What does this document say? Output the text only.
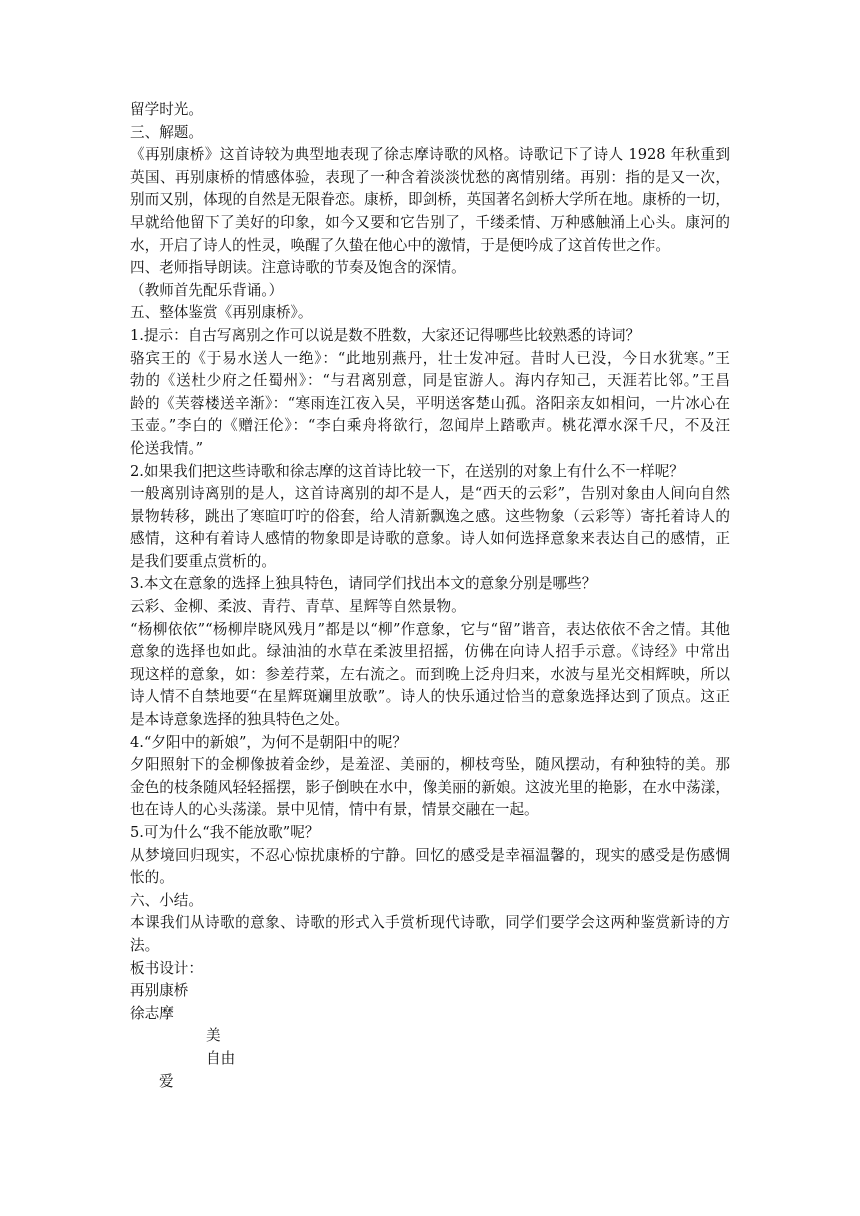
留学时光。
三、解题。
《再别康桥》这首诗较为典型地表现了徐志摩诗歌的风格。诗歌记下了诗人 1928 年秋重到
英国、再别康桥的情感体验，表现了一种含着淡淡忧愁的离情别绪。再别：指的是又一次，
别而又别，体现的自然是无限眷恋。康桥，即剑桥，英国著名剑桥大学所在地。康桥的一切，
早就给他留下了美好的印象，如今又要和它告别了，千缕柔情、万种感触涌上心头。康河的
水，开启了诗人的性灵，唤醒了久蛰在他心中的激情，于是便吟成了这首传世之作。
四、老师指导朗读。注意诗歌的节奏及饱含的深情。
（教师首先配乐背诵。）
五、整体鉴赏《再别康桥》。
1.提示：自古写离别之作可以说是数不胜数，大家还记得哪些比较熟悉的诗词？
骆宾王的《于易水送人一绝》：“此地别燕丹，壮士发冲冠。昔时人已没，今日水犹寒。”王
勃的《送杜少府之任蜀州》：“与君离别意，同是宦游人。海内存知己，天涯若比邻。”王昌
龄的《芙蓉楼送辛渐》：“寒雨连江夜入吴，平明送客楚山孤。洛阳亲友如相问，一片冰心在
玉壶。”李白的《赠汪伦》：“李白乘舟将欲行，忽闻岸上踏歌声。桃花潭水深千尺，不及汪
伦送我情。”
2.如果我们把这些诗歌和徐志摩的这首诗比较一下，在送别的对象上有什么不一样呢？
一般离别诗离别的是人，这首诗离别的却不是人，是“西天的云彩”，告别对象由人间向自然
景物转移，跳出了寒暄叮咛的俗套，给人清新飘逸之感。这些物象（云彩等）寄托着诗人的
感情，这种有着诗人感情的物象即是诗歌的意象。诗人如何选择意象来表达自己的感情，正
是我们要重点赏析的。
3.本文在意象的选择上独具特色，请同学们找出本文的意象分别是哪些？
云彩、金柳、柔波、青荇、青草、星辉等自然景物。
“杨柳依依”“杨柳岸晓风残月”都是以“柳”作意象，它与“留”谐音，表达依依不舍之情。其他
意象的选择也如此。绿油油的水草在柔波里招摇，仿佛在向诗人招手示意。《诗经》中常出
现这样的意象，如：参差荇菜，左右流之。而到晚上泛舟归来，水波与星光交相辉映，所以
诗人情不自禁地要“在星辉斑斓里放歌”。诗人的快乐通过恰当的意象选择达到了顶点。这正
是本诗意象选择的独具特色之处。
4.“夕阳中的新娘”，为何不是朝阳中的呢？
夕阳照射下的金柳像披着金纱，是羞涩、美丽的，柳枝弯坠，随风摆动，有种独特的美。那
金色的枝条随风轻轻摇摆，影子倒映在水中，像美丽的新娘。这波光里的艳影，在水中荡漾，
也在诗人的心头荡漾。景中见情，情中有景，情景交融在一起。
5.可为什么“我不能放歌”呢？
从梦境回归现实，不忍心惊扰康桥的宁静。回忆的感受是幸福温馨的，现实的感受是伤感惆
怅的。
六、小结。
本课我们从诗歌的意象、诗歌的形式入手赏析现代诗歌，同学们要学会这两种鉴赏新诗的方
法。
板书设计：
再别康桥
徐志摩
美
自由
爱
